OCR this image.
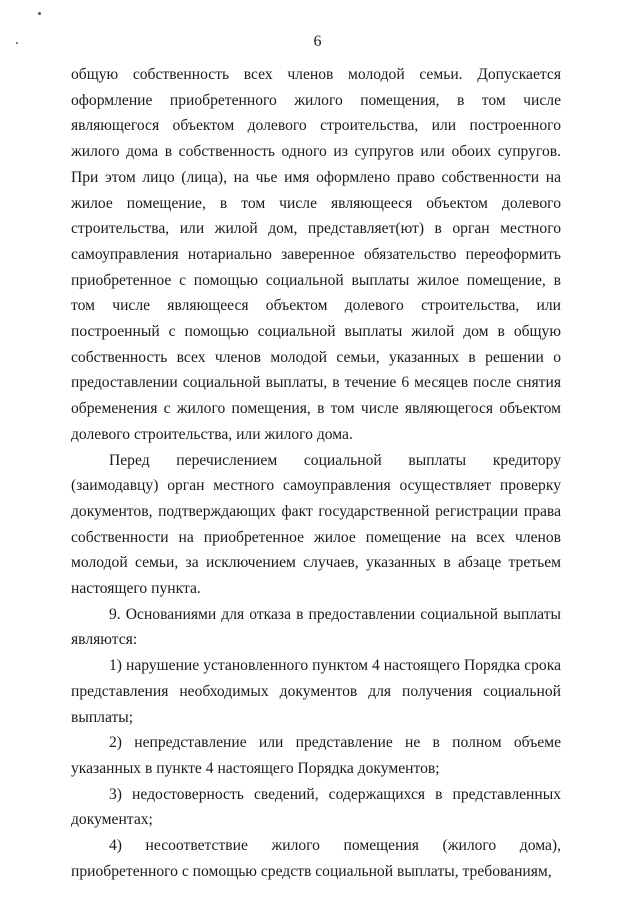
6

общую собственность всех членов молодой семьи. Допускается оформление приобретенного жилого помещения, в том числе являющегося объектом долевого строительства, или построенного жилого дома в собственность одного из супругов или обоих супругов. При этом лицо (лица), на чье имя оформлено право собственности на жилое помещение, в том числе являющееся объектом долевого строительства, или жилой дом, представляет(ют) в орган местного самоуправления нотариально заверенное обязательство переоформить приобретенное с помощью социальной выплаты жилое помещение, в том числе являющееся объектом долевого строительства, или построенный с помощью социальной выплаты жилой дом в общую собственность всех членов молодой семьи, указанных в решении о предоставлении социальной выплаты, в течение 6 месяцев после снятия обременения с жилого помещения, в том числе являющегося объектом долевого строительства, или жилого дома.

Перед перечислением социальной выплаты кредитору (заимодавцу) орган местного самоуправления осуществляет проверку документов, подтверждающих факт государственной регистрации права собственности на приобретенное жилое помещение на всех членов молодой семьи, за исключением случаев, указанных в абзаце третьем настоящего пункта.

9. Основаниями для отказа в предоставлении социальной выплаты являются:

1) нарушение установленного пунктом 4 настоящего Порядка срока представления необходимых документов для получения социальной выплаты;

2) непредставление или представление не в полном объеме указанных в пункте 4 настоящего Порядка документов;

3) недостоверность сведений, содержащихся в представленных документах;

4) несоответствие жилого помещения (жилого дома), приобретенного с помощью средств социальной выплаты, требованиям,
